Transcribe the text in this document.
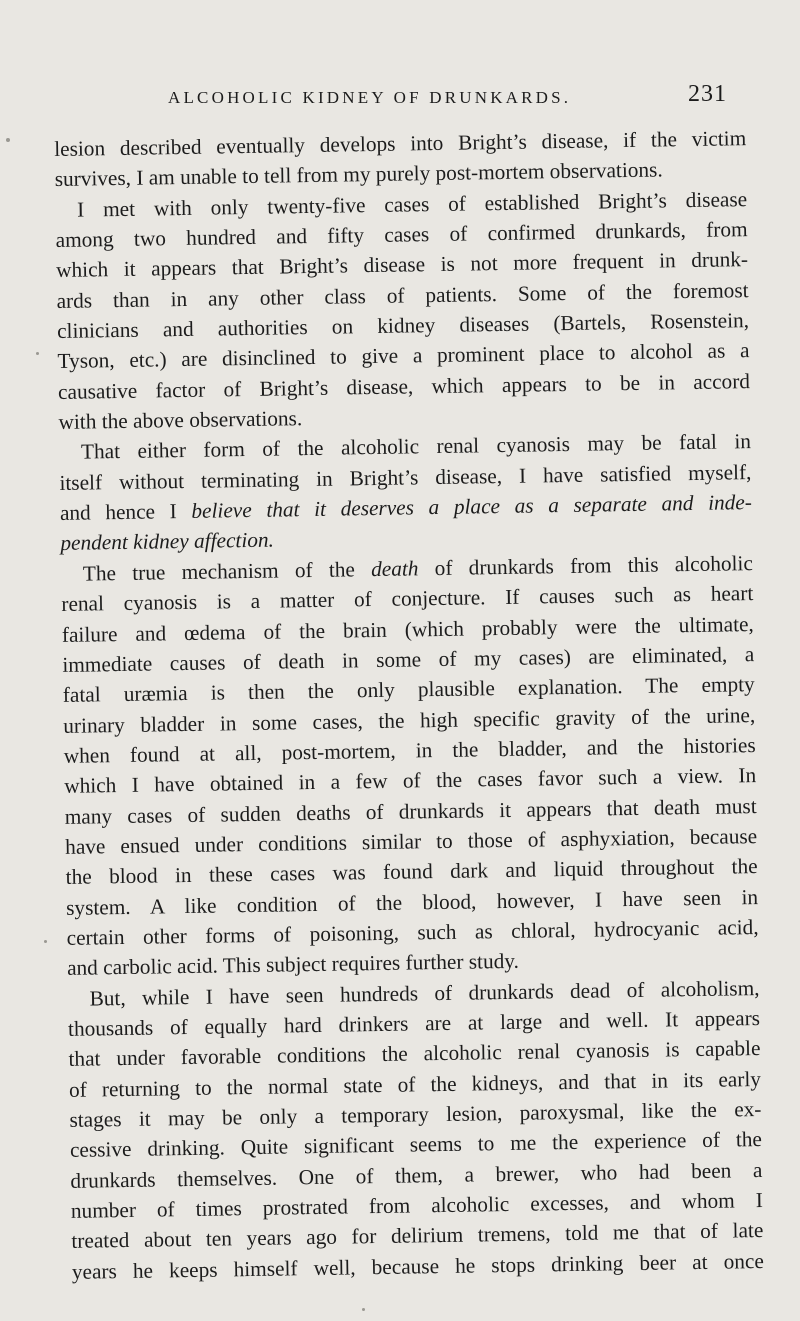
ALCOHOLIC KIDNEY OF DRUNKARDS.	231
lesion described eventually develops into Bright’s disease, if the victim
survives, I am unable to tell from my purely post-mortem observations.
I met with only twenty-five cases of established Bright’s disease
among two hundred and fifty cases of confirmed drunkards, from
which it appears that Bright’s disease is not more frequent in drunk-
ards than in any other class of patients. Some of the foremost
clinicians and authorities on kidney diseases (Bartels, Rosenstein,
Tyson, etc.) are disinclined to give a prominent place to alcohol as a
causative factor of Bright’s disease, which appears to be in accord
with the above observations.
That either form of the alcoholic renal cyanosis may be fatal in
itself without terminating in Bright’s disease, I have satisfied myself,
and hence I believe that it deserves a place as a separate and inde-
pendent kidney affection.
The true mechanism of the death of drunkards from this alcoholic
renal cyanosis is a matter of conjecture. If causes such as heart
failure and œdema of the brain (which probably were the ultimate,
immediate causes of death in some of my cases) are eliminated, a
fatal uræmia is then the only plausible explanation. The empty
urinary bladder in some cases, the high specific gravity of the urine,
when found at all, post-mortem, in the bladder, and the histories
which I have obtained in a few of the cases favor such a view. In
many cases of sudden deaths of drunkards it appears that death must
have ensued under conditions similar to those of asphyxiation, because
the blood in these cases was found dark and liquid throughout the
system. A like condition of the blood, however, I have seen in
certain other forms of poisoning, such as chloral, hydrocyanic acid,
and carbolic acid. This subject requires further study.
But, while I have seen hundreds of drunkards dead of alcoholism,
thousands of equally hard drinkers are at large and well. It appears
that under favorable conditions the alcoholic renal cyanosis is capable
of returning to the normal state of the kidneys, and that in its early
stages it may be only a temporary lesion, paroxysmal, like the ex-
cessive drinking. Quite significant seems to me the experience of the
drunkards themselves. One of them, a brewer, who had been a
number of times prostrated from alcoholic excesses, and whom I
treated about ten years ago for delirium tremens, told me that of late
years he keeps himself well, because he stops drinking beer at once
